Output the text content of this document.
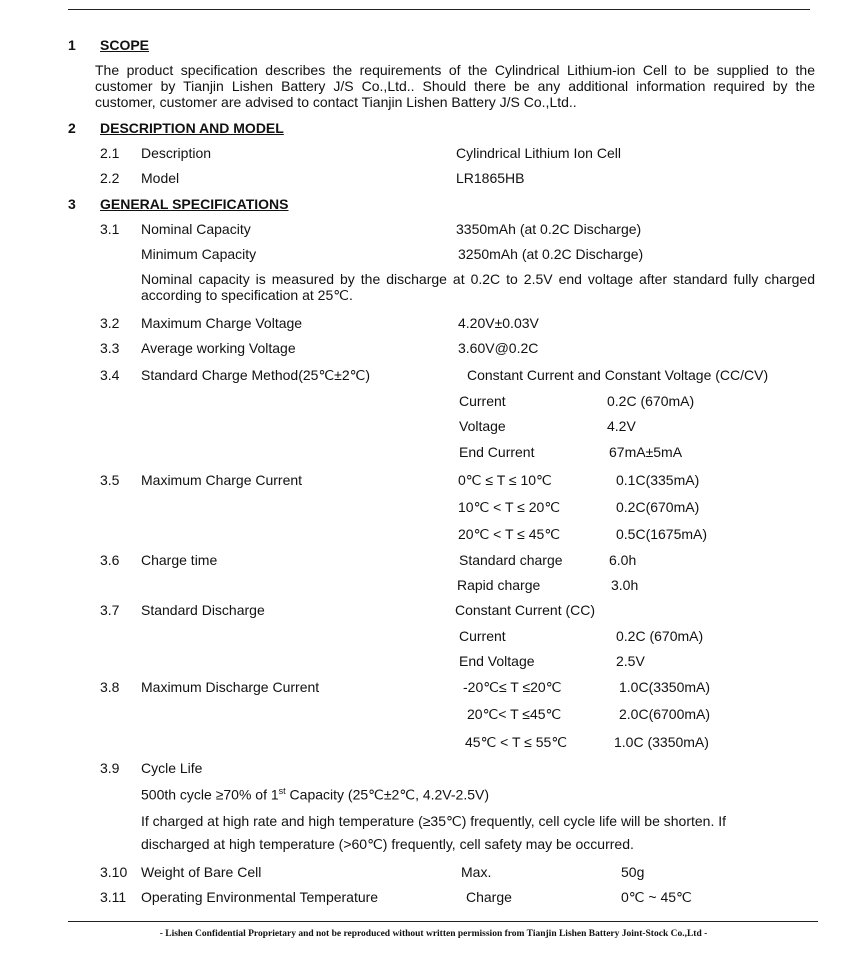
1 SCOPE
The product specification describes the requirements of the Cylindrical Lithium-ion Cell to be supplied to the customer by Tianjin Lishen Battery J/S Co.,Ltd.. Should there be any additional information required by the customer, customer are advised to contact Tianjin Lishen Battery J/S Co.,Ltd..
2 DESCRIPTION AND MODEL
2.1 Description	Cylindrical Lithium Ion Cell
2.2 Model	LR1865HB
3 GENERAL SPECIFICATIONS
3.1 Nominal Capacity	3350mAh (at 0.2C Discharge)
Minimum Capacity	3250mAh (at 0.2C Discharge)
Nominal capacity is measured by the discharge at 0.2C to 2.5V end voltage after standard fully charged according to specification at 25℃.
3.2 Maximum Charge Voltage	4.20V±0.03V
3.3 Average working Voltage	3.60V@0.2C
3.4 Standard Charge Method(25℃±2℃)	Constant Current and Constant Voltage (CC/CV)
Current	0.2C (670mA)
Voltage	4.2V
End Current	67mA±5mA
3.5 Maximum Charge Current	0℃ ≤ T ≤ 10℃	0.1C(335mA)
10℃ < T ≤ 20℃	0.2C(670mA)
20℃ < T ≤ 45℃	0.5C(1675mA)
3.6 Charge time	Standard charge	6.0h
Rapid charge	3.0h
3.7 Standard Discharge	Constant Current (CC)
Current	0.2C (670mA)
End Voltage	2.5V
3.8 Maximum Discharge Current	-20℃≤ T ≤20℃	1.0C(3350mA)
20℃< T ≤45℃	2.0C(6700mA)
45℃ < T ≤ 55℃	1.0C (3350mA)
3.9 Cycle Life
500th cycle ≥70% of 1st Capacity (25℃±2℃, 4.2V-2.5V)
If charged at high rate and high temperature (≥35℃) frequently, cell cycle life will be shorten. If
discharged at high temperature (>60℃) frequently, cell safety may be occurred.
3.10 Weight of Bare Cell	Max.	50g
3.11 Operating Environmental Temperature	Charge	0℃ ~ 45℃
- Lishen Confidential Proprietary and not be reproduced without written permission from Tianjin Lishen Battery Joint-Stock Co.,Ltd -
